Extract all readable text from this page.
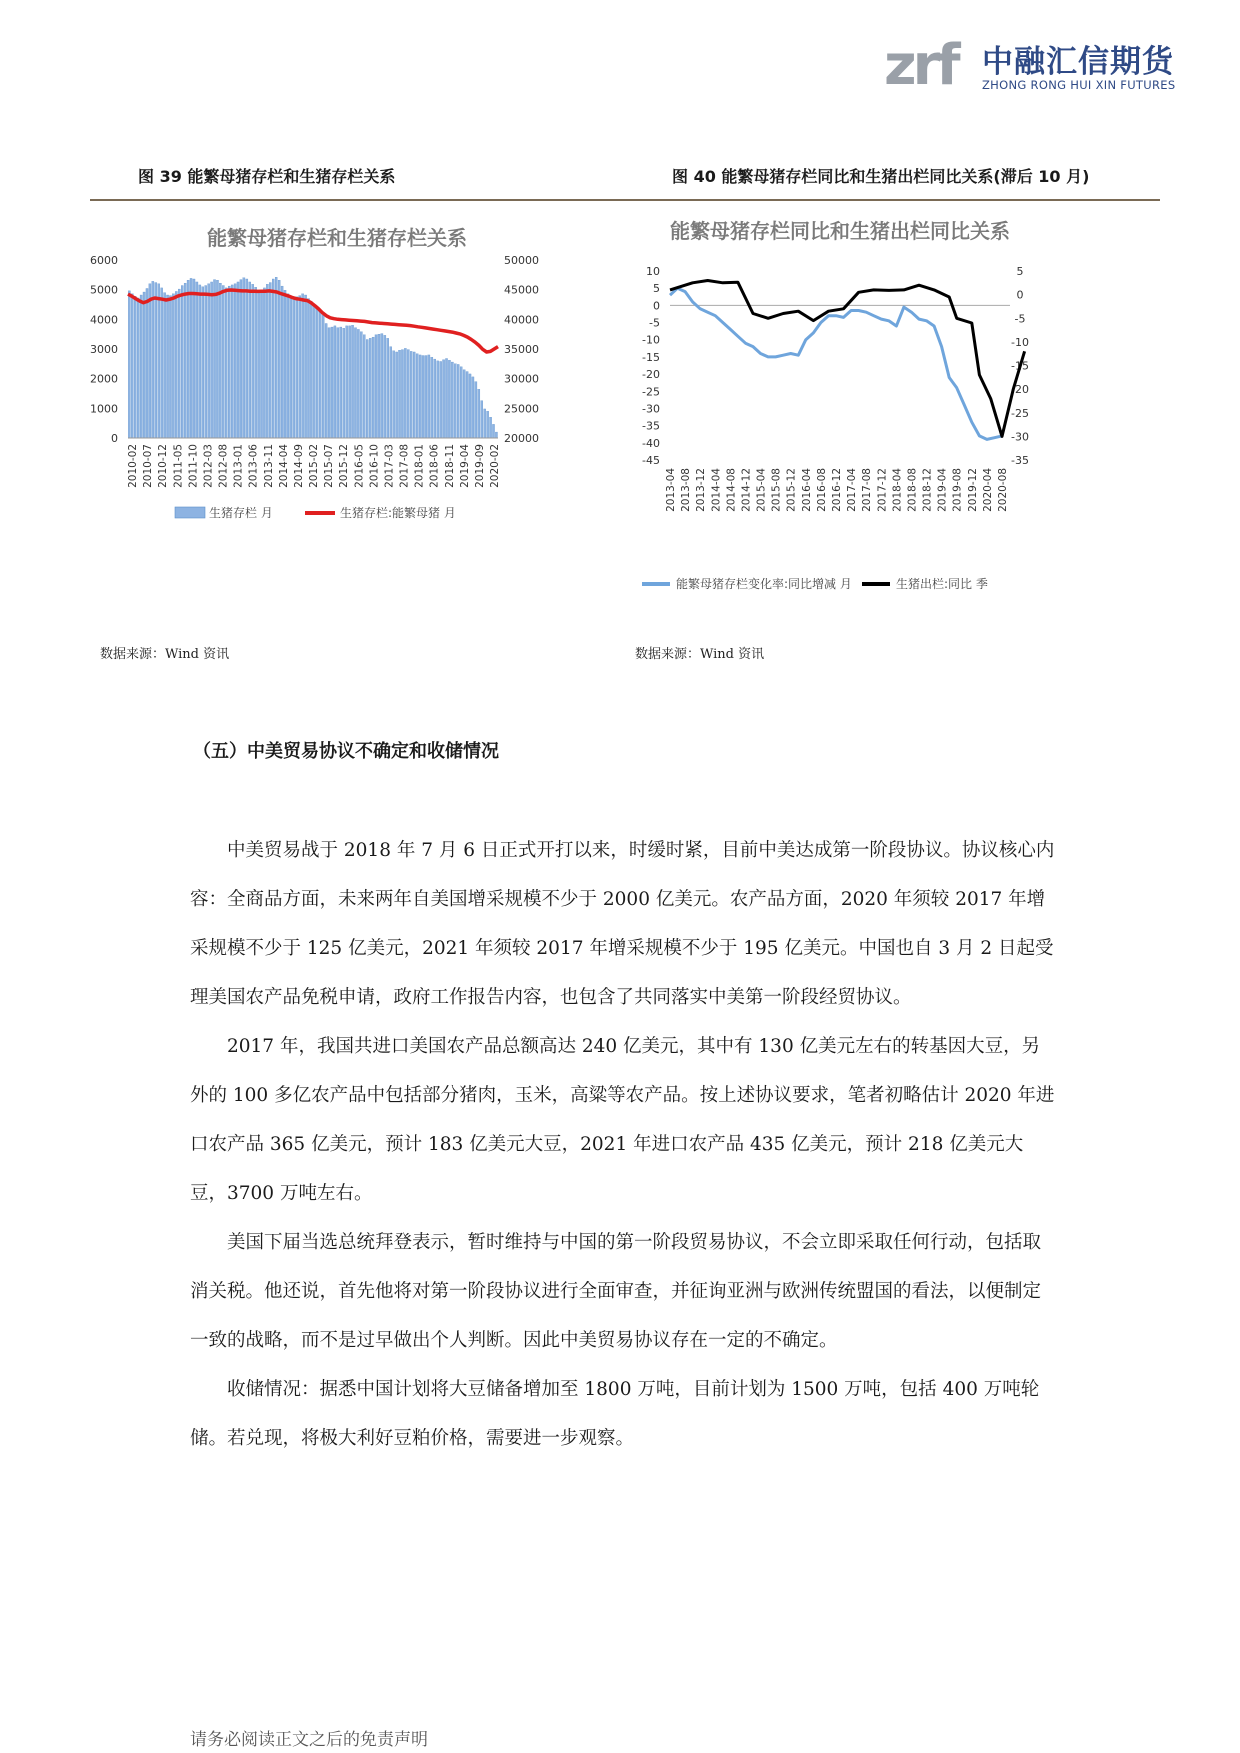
zrf 中融汇信期货
ZHONG RONG HUI XIN FUTURES
图 39 能繁母猪存栏和生猪存栏关系	图 40 能繁母猪存栏同比和生猪出栏同比关系(滞后 10 月)
能繁母猪存栏和生猪存栏关系
0
1000
2000
3000
4000
5000
6000
20000
25000
30000
35000
40000
45000
50000
2010-02 2010-07 2010-12 2011-05 2011-10 2012-03 2012-08 2013-01 2013-06 2013-11 2014-04 2014-09 2015-02 2015-07 2015-12 2016-05 2016-10 2017-03 2017-08 2018-01 2018-06 2018-11 2019-04 2019-09 2020-02
生猪存栏 月	生猪存栏:能繁母猪 月
能繁母猪存栏同比和生猪出栏同比关系
10
5
0
-5
-10
-15
-20
-25
-30
-35
-40
-45
5
0
-5
-10
-15
-20
-25
-30
-35
2013-04 2013-08 2013-12 2014-04 2014-08 2014-12 2015-04 2015-08 2015-12 2016-04 2016-08 2016-12 2017-04 2017-08 2017-12 2018-04 2018-08 2018-12 2019-04 2019-08 2019-12 2020-04 2020-08
能繁母猪存栏变化率:同比增减 月	生猪出栏:同比 季
数据来源：Wind 资讯	数据来源：Wind 资讯
（五）中美贸易协议不确定和收储情况

中美贸易战于 2018 年 7 月 6 日正式开打以来，时缓时紧，目前中美达成第一阶段协议。协议核心内容：全商品方面，未来两年自美国增采规模不少于 2000 亿美元。农产品方面，2020 年须较 2017 年增采规模不少于 125 亿美元，2021 年须较 2017 年增采规模不少于 195 亿美元。中国也自 3 月 2 日起受理美国农产品免税申请，政府工作报告内容，也包含了共同落实中美第一阶段经贸协议。

2017 年，我国共进口美国农产品总额高达 240 亿美元，其中有 130 亿美元左右的转基因大豆，另外的 100 多亿农产品中包括部分猪肉，玉米，高粱等农产品。按上述协议要求，笔者初略估计 2020 年进口农产品 365 亿美元，预计 183 亿美元大豆，2021 年进口农产品 435 亿美元，预计 218 亿美元大豆，3700 万吨左右。

美国下届当选总统拜登表示，暂时维持与中国的第一阶段贸易协议，不会立即采取任何行动，包括取消关税。他还说，首先他将对第一阶段协议进行全面审查，并征询亚洲与欧洲传统盟国的看法，以便制定一致的战略，而不是过早做出个人判断。因此中美贸易协议存在一定的不确定。

收储情况：据悉中国计划将大豆储备增加至 1800 万吨，目前计划为 1500 万吨，包括 400 万吨轮储。若兑现，将极大利好豆粕价格，需要进一步观察。

请务必阅读正文之后的免责声明
